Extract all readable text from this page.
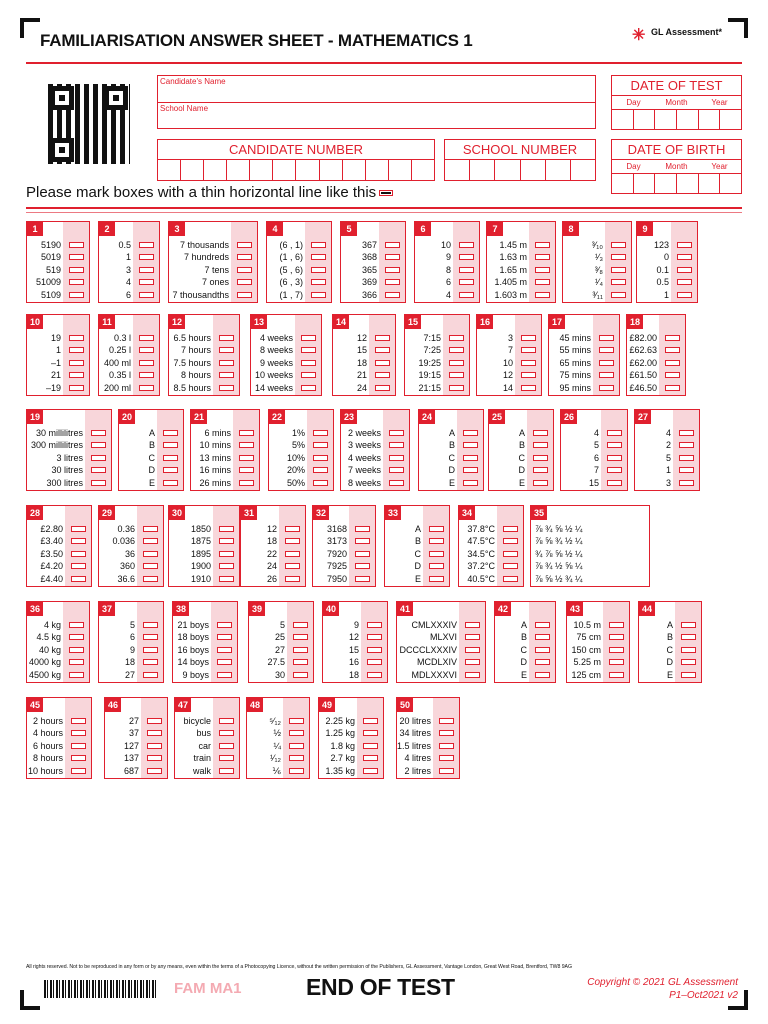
FAMILIARISATION ANSWER SHEET - MATHEMATICS 1	✳ GL Assessment*
Candidate's Name
School Name
DATE OF TEST
Day	Month	Year
CANDIDATE NUMBER	SCHOOL NUMBER	DATE OF BIRTH
Day	Month	Year
Please mark boxes with a thin horizontal line like this
1
5190
5019
519
51009
5109
2
0.5
1
3
4
6
3
7 thousands
7 hundreds
7 tens
7 ones
7 thousandths
4
(6 , 1)
(1 , 6)
(5 , 6)
(6 , 3)
(1 , 7)
5
367
368
365
369
366
6
10
9
8
6
4
7
1.45 m
1.63 m
1.65 m
1.405 m
1.603 m
8
³⁄₁₀
¹⁄₃
³⁄₈
¹⁄₄
³⁄₁₁
9
123
0
0.1
0.5
1
10
19
1
–1
21
–19
11
0.3 l
0.25 l
400 ml
0.35 l
200 ml
12
6.5 hours
7 hours
7.5 hours
8 hours
8.5 hours
13
4 weeks
8 weeks
9 weeks
10 weeks
14 weeks
14
12
15
18
21
24
15
7:15
7:25
19:25
19:15
21:15
16
3
7
10
12
14
17
45 mins
55 mins
65 mins
75 mins
95 mins
18
£82.00
£62.63
£62.00
£61.50
£46.50
19
30 millilitres
300 millilitres
3 litres
30 litres
300 litres
20
A
B
C
D
E
21
6 mins
10 mins
13 mins
16 mins
26 mins
22
1%
5%
10%
20%
50%
23
2 weeks
3 weeks
4 weeks
7 weeks
8 weeks
24
A
B
C
D
E
25
A
B
C
D
E
26
4
5
6
7
15
27
4
2
5
1
3
28
£2.80
£3.40
£3.50
£4.20
£4.40
29
0.36
0.036
36
360
36.6
30
1850
1875
1895
1900
1910
31
12
18
22
24
26
32
3168
3173
7920
7925
7950
33
A
B
C
D
E
34
37.8°C
47.5°C
34.5°C
37.2°C
40.5°C
35
⅞ ¾ ⅝ ½ ¼
⅞ ⅝ ¾ ½ ¼
¾ ⅞ ⅝ ½ ¼
⅞ ¾ ½ ⅝ ¼
⅞ ⅝ ½ ¾ ¼
36
4 kg
4.5 kg
40 kg
4000 kg
4500 kg
37
5
6
9
18
27
38
21 boys
18 boys
16 boys
14 boys
9 boys
39
5
25
27
27.5
30
40
9
12
15
16
18
41
CMLXXXIV
MLXVI
DCCCLXXXIV
MCDLXIV
MDLXXXVI
42
A
B
C
D
E
43
10.5 m
75 cm
150 cm
5.25 m
125 cm
44
A
B
C
D
E
45
2 hours
4 hours
6 hours
8 hours
10 hours
46
27
37
127
137
687
47
bicycle
bus
car
train
walk
48
⁵⁄₁₂
½
¼
¹⁄₁₂
⅙
49
2.25 kg
1.25 kg
1.8 kg
2.7 kg
1.35 kg
50
20 litres
34 litres
1.5 litres
4 litres
2 litres
All rights reserved. Not to be reproduced in any form or by any means, even within the terms of a Photocopying Licence, without the written permission of the Publishers, GL Assessment, Vantage London, Great West Road, Brentford, TW8 9AG
FAM MA1	END OF TEST	Copyright © 2021 GL Assessment
P1–Oct2021 v2
